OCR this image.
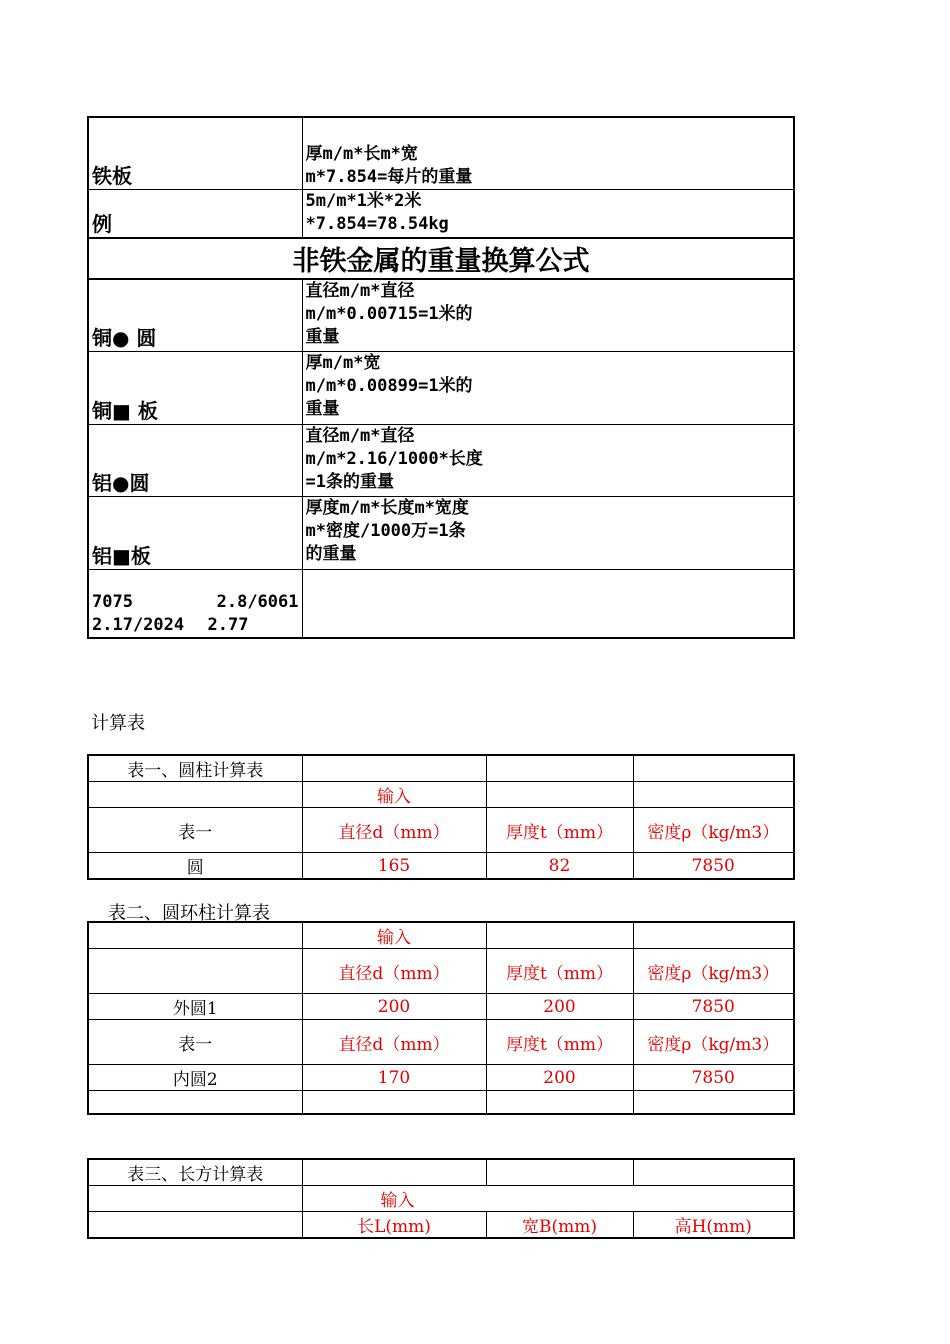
铁板	厚m/m*长m*宽
m*7.854=每片的重量

例	5m/m*1米*2米
*7.854=78.54kg

非铁金属的重量换算公式	
铜● 圆	直径m/m*直径
m/m*0.00715=1米的
重量

铜■ 板	厚m/m*宽
m/m*0.00899=1米的
重量

铝●圆	直径m/m*直径
m/m*2.16/1000*长度
=1条的重量

铝■板	厚度m/m*长度m*宽度
m*密度/1000万=1条
的重量

7075 2.8/6061
2.17/2024 2.77	

计算表
表一、圆柱计算表			
	输入		
表一	直径d（mm）	厚度t（mm）	密度ρ（kg/m3）
圆	165	82	7850
表二、圆环柱计算表
	输入		
	直径d（mm）	厚度t（mm）	密度ρ（kg/m3）
外圆1	200	200	7850
表一	直径d（mm）	厚度t（mm）	密度ρ（kg/m3）
内圆2	170	200	7850

表三、长方计算表			

	输入		

	长L(mm)	宽B(mm)	高H(mm)
